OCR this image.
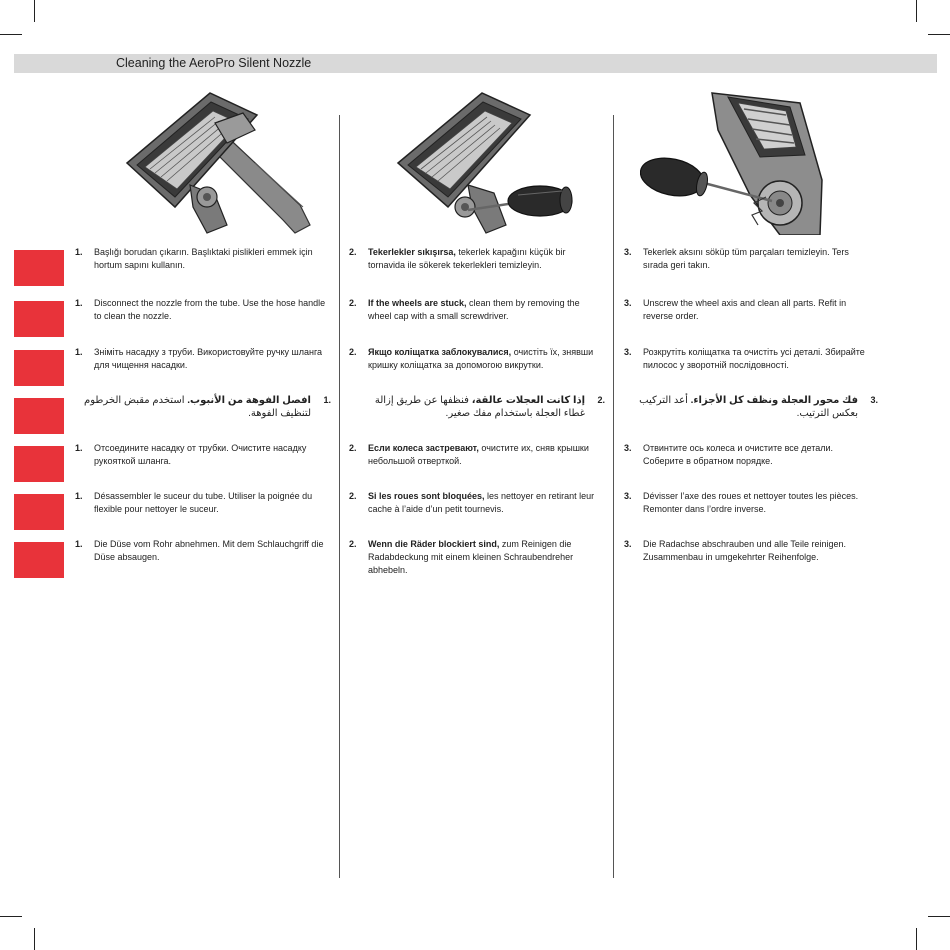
Cleaning the AeroPro Silent Nozzle
1. Başlığı borudan çıkarın. Başlıktaki pislikleri emmek için hortum sapını kullanın.
2. Tekerlekler sıkışırsa, tekerlek kapağını küçük bir tornavida ile sökerek tekerlekleri temizleyin.
3. Tekerlek aksını söküp tüm parçaları temizleyin. Ters sırada geri takın.
1. Disconnect the nozzle from the tube. Use the hose handle to clean the nozzle.
2. If the wheels are stuck, clean them by removing the wheel cap with a small screwdriver.
3. Unscrew the wheel axis and clean all parts. Refit in reverse order.
1. Зніміть насадку з труби. Використовуйте ручку шланга для чищення насадки.
2. Якщо коліщатка заблокувалися, очистіть їх, знявши кришку коліщатка за допомогою викрутки.
3. Розкрутіть коліщатка та очистіть усі деталі. Збирайте пилосос у зворотній послідовності.
.1
افصل الفوهة من الأنبوب. استخدم مقبض الخرطوم لتنظيف الفوهة.
.2
إذا كانت العجلات عالقة، فنظفها عن طريق إزالة غطاء العجلة باستخدام مفك صغير.
.3
فك محور العجلة ونظف كل الأجزاء. أعد التركيب بعكس الترتيب.
1. Отсоедините насадку от трубки. Очистите насадку рукояткой шланга.
2. Если колеса застревают, очистите их, сняв крышки небольшой отверткой.
3. Отвинтите ось колеса и очистите все детали. Соберите в обратном порядке.
1. Désassembler le suceur du tube. Utiliser la poignée du flexible pour nettoyer le suceur.
2. Si les roues sont bloquées, les nettoyer en retirant leur cache à l’aide d’un petit tournevis.
3. Dévisser l’axe des roues et nettoyer toutes les pièces. Remonter dans l’ordre inverse.
1. Die Düse vom Rohr abnehmen. Mit dem Schlauchgriff die Düse absaugen.
2. Wenn die Räder blockiert sind, zum Reinigen die Radabdeckung mit einem kleinen Schraubendreher abhebeln.
3. Die Radachse abschrauben und alle Teile reinigen. Zusammenbau in umgekehrter Reihenfolge.
